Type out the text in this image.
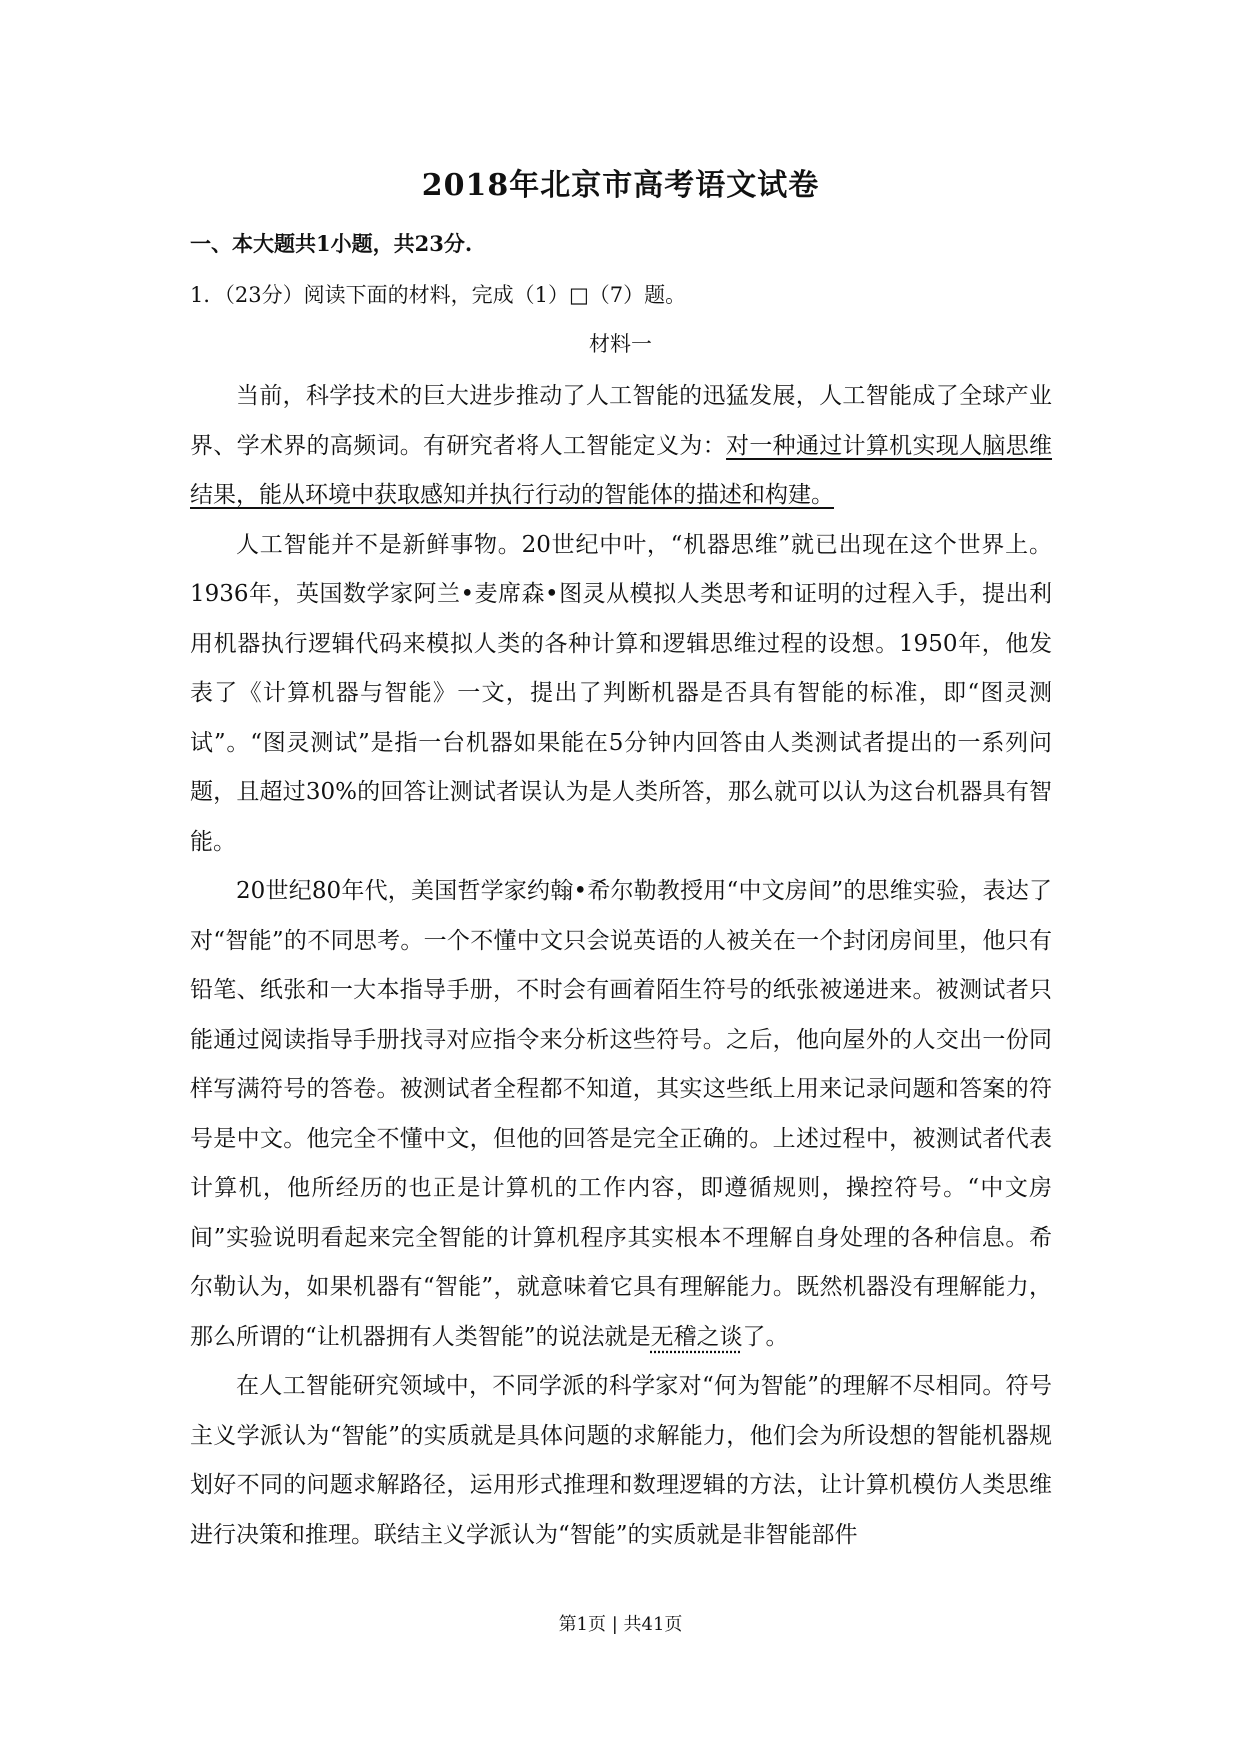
2018年北京市高考语文试卷
一、本大题共1小题，共23分.
1．（23分）阅读下面的材料，完成（1）□（7）题。
材料一

当前，科学技术的巨大进步推动了人工智能的迅猛发展，人工智能成了全球产业界、学术界的高频词。有研究者将人工智能定义为：对一种通过计算机实现人脑思维结果，能从环境中获取感知并执行行动的智能体的描述和构建。

人工智能并不是新鲜事物。20世纪中叶，“机器思维”就已出现在这个世界上。1936年，英国数学家阿兰•麦席森•图灵从模拟人类思考和证明的过程入手，提出利用机器执行逻辑代码来模拟人类的各种计算和逻辑思维过程的设想。1950年，他发表了《计算机器与智能》一文，提出了判断机器是否具有智能的标准，即“图灵测试”。“图灵测试”是指一台机器如果能在5分钟内回答由人类测试者提出的一系列问题，且超过30%的回答让测试者误认为是人类所答，那么就可以认为这台机器具有智能。

20世纪80年代，美国哲学家约翰•希尔勒教授用“中文房间”的思维实验，表达了对“智能”的不同思考。一个不懂中文只会说英语的人被关在一个封闭房间里，他只有铅笔、纸张和一大本指导手册，不时会有画着陌生符号的纸张被递进来。被测试者只能通过阅读指导手册找寻对应指令来分析这些符号。之后，他向屋外的人交出一份同样写满符号的答卷。被测试者全程都不知道，其实这些纸上用来记录问题和答案的符号是中文。他完全不懂中文，但他的回答是完全正确的。上述过程中，被测试者代表计算机，他所经历的也正是计算机的工作内容，即遵循规则，操控符号。“中文房间”实验说明看起来完全智能的计算机程序其实根本不理解自身处理的各种信息。希尔勒认为，如果机器有“智能”，就意味着它具有理解能力。既然机器没有理解能力，那么所谓的“让机器拥有人类智能”的说法就是无稽之谈了。

在人工智能研究领域中，不同学派的科学家对“何为智能”的理解不尽相同。符号主义学派认为“智能”的实质就是具体问题的求解能力，他们会为所设想的智能机器规划好不同的问题求解路径，运用形式推理和数理逻辑的方法，让计算机模仿人类思维进行决策和推理。联结主义学派认为“智能”的实质就是非智能部件

第1页 | 共41页
